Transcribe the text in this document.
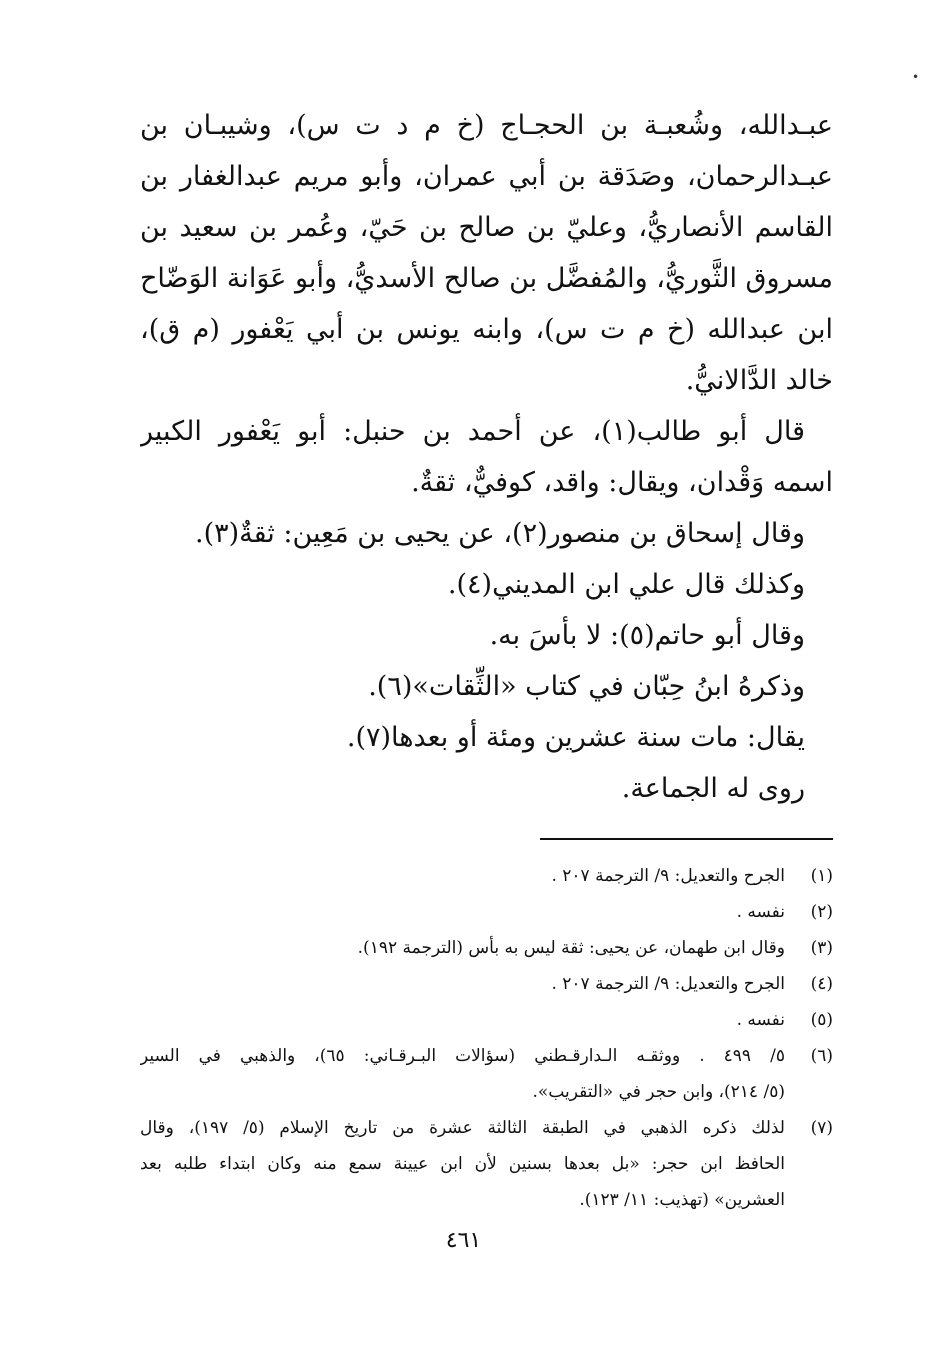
•
عبـدالله، وشُعبـة بن الحجـاج (خ م د ت س)، وشيبـان بن
عبـدالرحمان، وصَدَقة بن أبي عمران، وأبو مريم عبدالغفار بن
القاسم الأنصاريُّ، وعليّ بن صالح بن حَيّ، وعُمر بن سعيد بن
مسروق الثَّوريُّ، والمُفضَّل بن صالح الأسديُّ، وأبو عَوَانة الوَضّاح
ابن عبدالله (خ م ت س)، وابنه يونس بن أبي يَعْفور (م ق)،
خالد الدَّالانيُّ.
قال أبو طالب(١)، عن أحمد بن حنبل: أبو يَعْفور الكبير
اسمه وَقْدان، ويقال: واقد، كوفيٌّ، ثقةٌ.
وقال إسحاق بن منصور(٢)، عن يحيى بن مَعِين: ثقةٌ(٣).
وكذلك قال علي ابن المديني(٤).
وقال أبو حاتم(٥): لا بأسَ به.
وذكرهُ ابنُ حِبّان في كتاب «الثِّقات»(٦).
يقال: مات سنة عشرين ومئة أو بعدها(٧).
روى له الجماعة.
(١)
الجرح والتعديل: ٩/ الترجمة ٢٠٧ .
(٢)
نفسه .
(٣)
وقال ابن طهمان، عن يحيى: ثقة ليس به بأس (الترجمة ١٩٢).
(٤)
الجرح والتعديل: ٩/ الترجمة ٢٠٧ .
(٥)
نفسه .
(٦)
٥/ ٤٩٩ . ووثقـه الـدارقـطني (سؤالات البـرقـاني: ٦٥)، والذهبي في السير
(٥/ ٢١٤)، وابن حجر في «التقريب».
(٧)
لذلك ذكره الذهبي في الطبقة الثالثة عشرة من تاريخ الإسلام (٥/ ١٩٧)، وقال
الحافظ ابن حجر: «بل بعدها بسنين لأن ابن عيينة سمع منه وكان ابتداء طلبه بعد
العشرين» (تهذيب: ١١/ ١٢٣).
٤٦١
